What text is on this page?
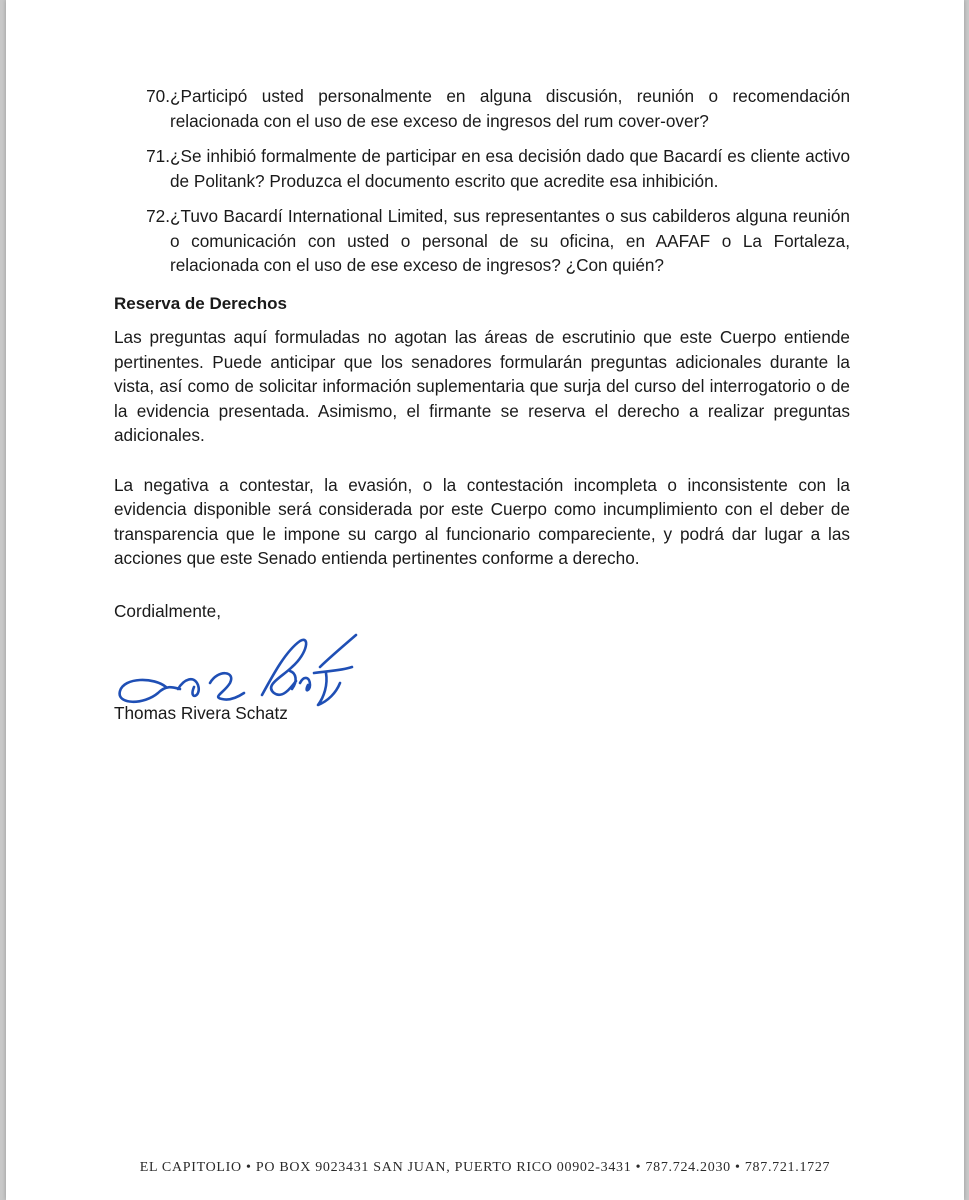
70. ¿Participó usted personalmente en alguna discusión, reunión o recomendación relacionada con el uso de ese exceso de ingresos del rum cover-over?
71. ¿Se inhibió formalmente de participar en esa decisión dado que Bacardí es cliente activo de Politank? Produzca el documento escrito que acredite esa inhibición.
72. ¿Tuvo Bacardí International Limited, sus representantes o sus cabilderos alguna reunión o comunicación con usted o personal de su oficina, en AAFAF o La Fortaleza, relacionada con el uso de ese exceso de ingresos? ¿Con quién?
Reserva de Derechos

Las preguntas aquí formuladas no agotan las áreas de escrutinio que este Cuerpo entiende pertinentes. Puede anticipar que los senadores formularán preguntas adicionales durante la vista, así como de solicitar información suplementaria que surja del curso del interrogatorio o de la evidencia presentada. Asimismo, el firmante se reserva el derecho a realizar preguntas adicionales.

La negativa a contestar, la evasión, o la contestación incompleta o inconsistente con la evidencia disponible será considerada por este Cuerpo como incumplimiento con el deber de transparencia que le impone su cargo al funcionario compareciente, y podrá dar lugar a las acciones que este Senado entienda pertinentes conforme a derecho.

Cordialmente,
Thomas Rivera Schatz
EL CAPITOLIO • PO BOX 9023431 SAN JUAN, PUERTO RICO 00902-3431 • 787.724.2030 • 787.721.1727
